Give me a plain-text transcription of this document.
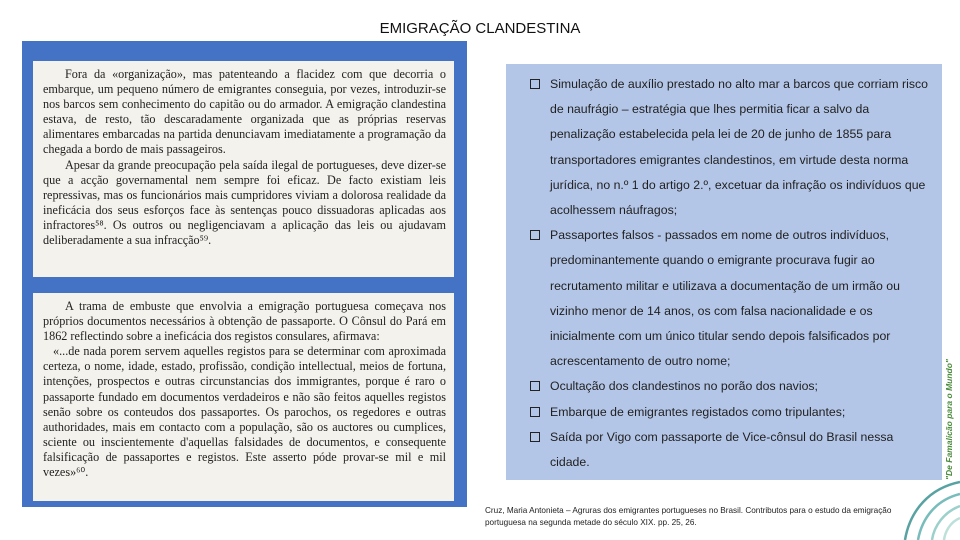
EMIGRAÇÃO CLANDESTINA

Fora da «organização», mas patenteando a flacidez com que decorria o embarque, um pequeno número de emigrantes conseguia, por vezes, introduzir-se nos barcos sem conhecimento do capitão ou do armador. A emigração clandestina estava, de resto, tão descaradamente organizada que as próprias reservas alimentares embarcadas na partida denunciavam imediatamente a programação da chegada a bordo de mais passageiros.

Apesar da grande preocupação pela saída ilegal de portugueses, deve dizer-se que a acção governamental nem sempre foi eficaz. De facto existiam leis repressivas, mas os funcionários mais cumpridores viviam a dolorosa realidade da ineficácia dos seus esforços face às sentenças pouco dissuadoras aplicadas aos infractores⁵⁸. Os outros ou negligenciavam a aplicação das leis ou ajudavam deliberadamente a sua infracção⁵⁹.

A trama de embuste que envolvia a emigração portuguesa começava nos próprios documentos necessários à obtenção de passaporte. O Cônsul do Pará em 1862 reflectindo sobre a ineficácia dos registos consulares, afirmava:

«...de nada porem servem aquelles registos para se determinar com aproximada certeza, o nome, idade, estado, profissão, condição intellectual, meios de fortuna, intenções, prospectos e outras circunstancias dos immigrantes, porque é raro o passaporte fundado em documentos verdadeiros e não são feitos aquelles registos senão sobre os conteudos dos passaportes. Os parochos, os regedores e outras authoridades, mais em contacto com a população, são os auctores ou cumplices, sciente ou inscientemente d'aquellas falsidades de documentos, e consequente falsificação de passaportes e registos. Este asserto póde provar-se mil e mil vezes»⁶⁰.

Simulação de auxílio prestado no alto mar a barcos que corriam risco de naufrágio – estratégia que lhes permitia ficar a salvo da penalização estabelecida pela lei de 20 de junho de 1855 para transportadores emigrantes clandestinos, em virtude desta norma jurídica, no n.º 1 do artigo 2.º, excetuar da infração os indivíduos que acolhessem náufragos;
Passaportes falsos - passados em nome de outros indivíduos, predominantemente quando o emigrante procurava fugir ao recrutamento militar e utilizava a documentação de um irmão ou vizinho menor de 14 anos, os com falsa nacionalidade e os inicialmente com um único titular sendo depois falsificados por acrescentamento de outro nome;
Ocultação dos clandestinos no porão dos navios;
Embarque de emigrantes registados como tripulantes;
Saída por Vigo com passaporte de Vice-cônsul do Brasil nessa cidade.
Cruz, Maria Antonieta – Agruras dos emigrantes portugueses no Brasil. Contributos para o estudo da emigração portuguesa na segunda metade do século XIX. pp. 25, 26.
"De Famalicão para o Mundo"
